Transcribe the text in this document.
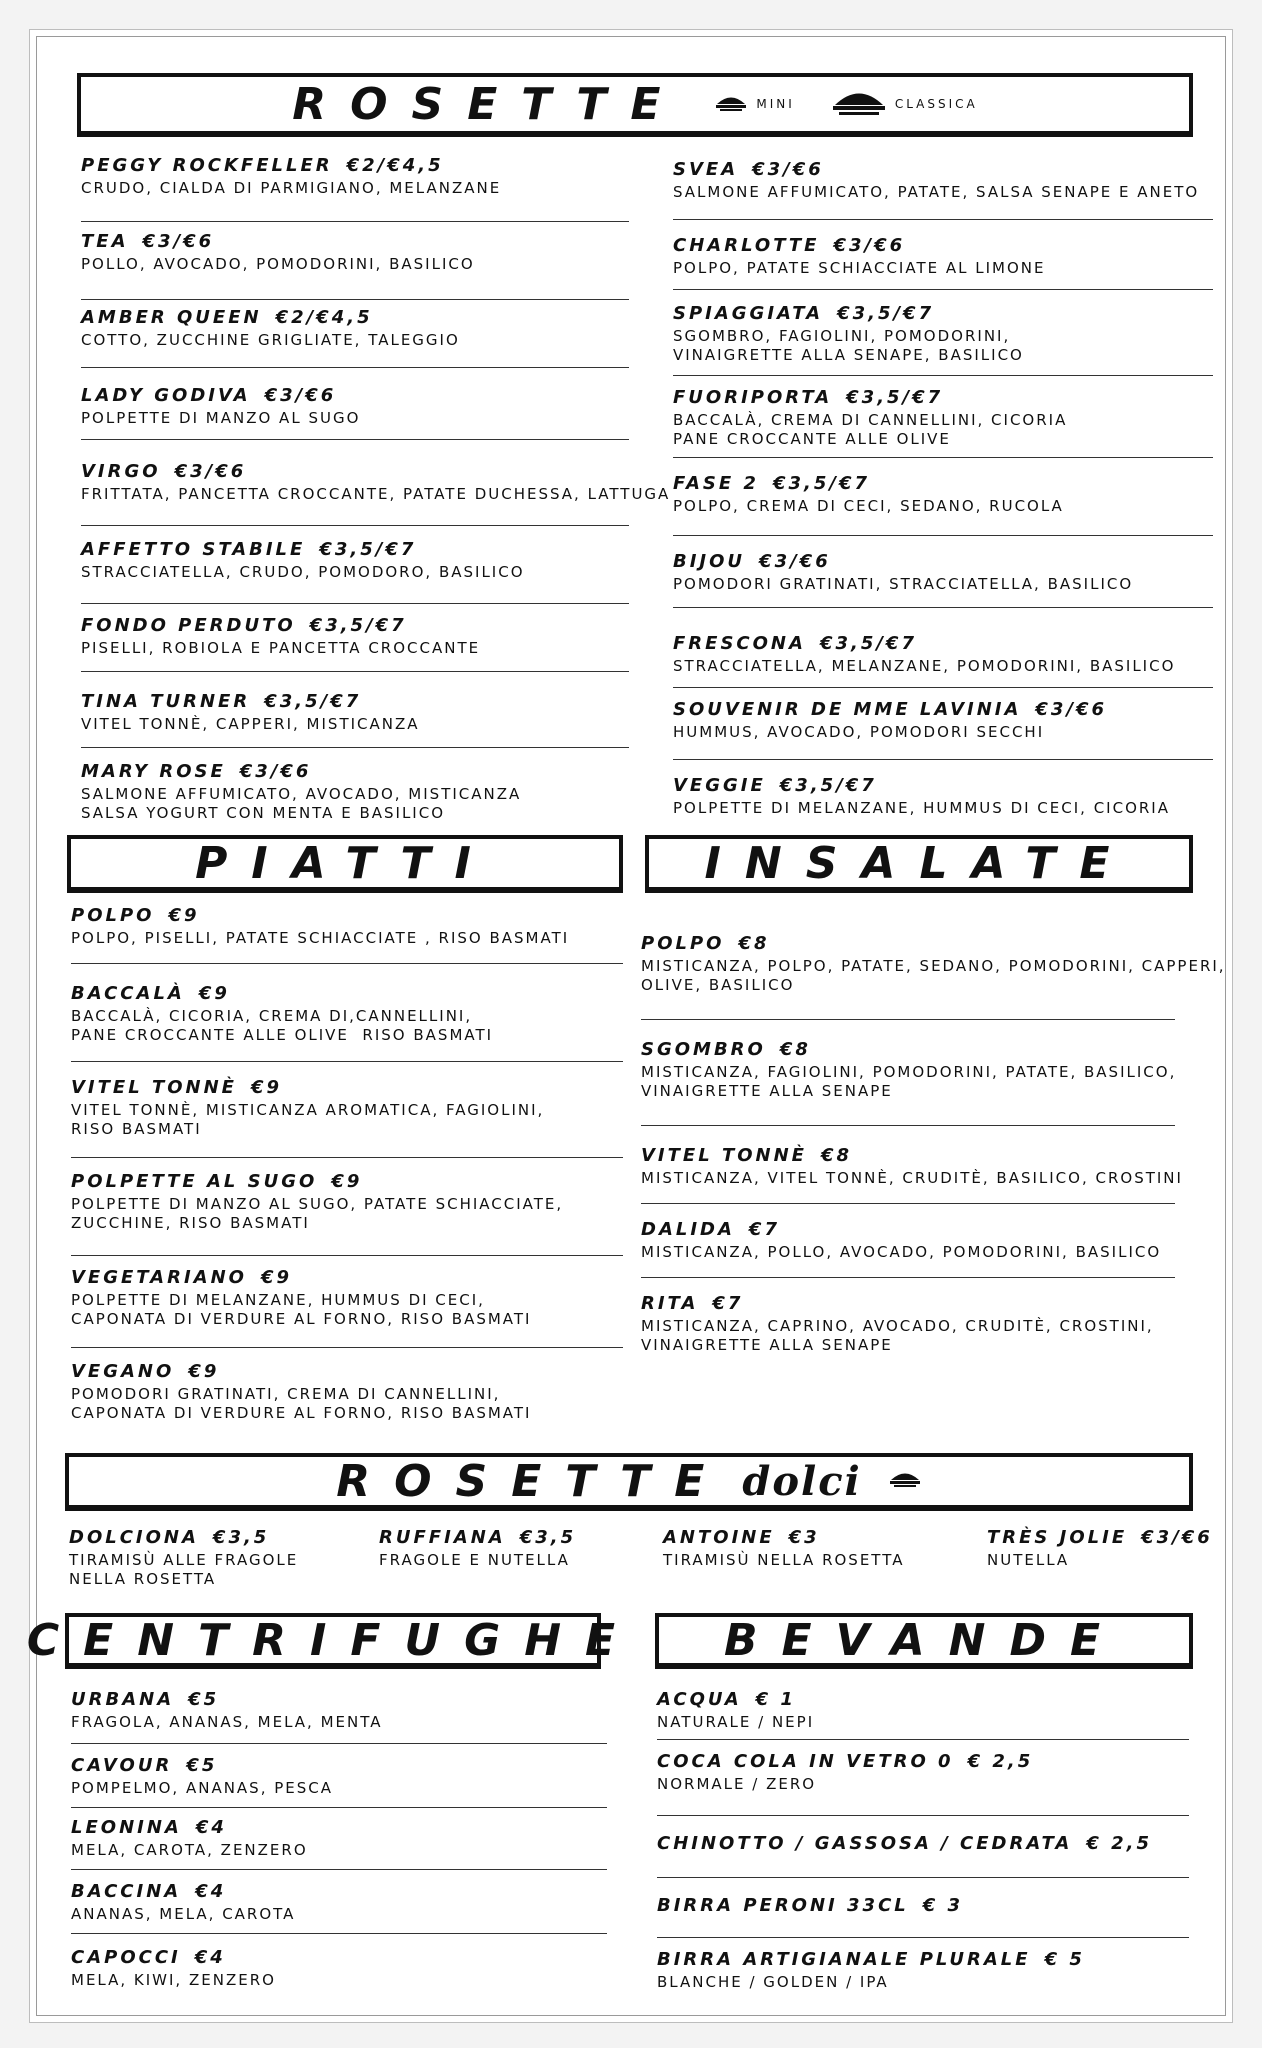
ROSETTE	MINI	CLASSICA
PEGGY ROCKFELLER €2/€4,5
CRUDO, CIALDA DI PARMIGIANO, MELANZANE
TEA €3/€6
POLLO, AVOCADO, POMODORINI, BASILICO
AMBER QUEEN €2/€4,5
COTTO, ZUCCHINE GRIGLIATE, TALEGGIO
LADY GODIVA €3/€6
POLPETTE DI MANZO AL SUGO
VIRGO €3/€6
FRITTATA, PANCETTA CROCCANTE, PATATE DUCHESSA, LATTUGA
AFFETTO STABILE €3,5/€7
STRACCIATELLA, CRUDO, POMODORO, BASILICO
FONDO PERDUTO €3,5/€7
PISELLI, ROBIOLA E PANCETTA CROCCANTE
TINA TURNER €3,5/€7
VITEL TONNÈ, CAPPERI, MISTICANZA
MARY ROSE €3/€6
SALMONE AFFUMICATO, AVOCADO, MISTICANZA
SALSA YOGURT CON MENTA E BASILICO
SVEA €3/€6
SALMONE AFFUMICATO, PATATE, SALSA SENAPE E ANETO
CHARLOTTE €3/€6
POLPO, PATATE SCHIACCIATE AL LIMONE
SPIAGGIATA €3,5/€7
SGOMBRO, FAGIOLINI, POMODORINI,
VINAIGRETTE ALLA SENAPE, BASILICO
FUORIPORTA €3,5/€7
BACCALÀ, CREMA DI CANNELLINI, CICORIA
PANE CROCCANTE ALLE OLIVE
FASE 2 €3,5/€7
POLPO, CREMA DI CECI, SEDANO, RUCOLA
BIJOU €3/€6
POMODORI GRATINATI, STRACCIATELLA, BASILICO
FRESCONA €3,5/€7
STRACCIATELLA, MELANZANE, POMODORINI, BASILICO
SOUVENIR DE MME LAVINIA €3/€6
HUMMUS, AVOCADO, POMODORI SECCHI
VEGGIE €3,5/€7
POLPETTE DI MELANZANE, HUMMUS DI CECI, CICORIA
PIATTI	INSALATE
POLPO €9
POLPO, PISELLI, PATATE SCHIACCIATE , RISO BASMATI
BACCALÀ €9
BACCALÀ, CICORIA, CREMA DI,CANNELLINI,
PANE CROCCANTE ALLE OLIVE  RISO BASMATI
VITEL TONNÈ €9
VITEL TONNÈ, MISTICANZA AROMATICA, FAGIOLINI,
RISO BASMATI
POLPETTE AL SUGO €9
POLPETTE DI MANZO AL SUGO, PATATE SCHIACCIATE,
ZUCCHINE, RISO BASMATI
VEGETARIANO €9
POLPETTE DI MELANZANE, HUMMUS DI CECI,
CAPONATA DI VERDURE AL FORNO, RISO BASMATI
VEGANO €9
POMODORI GRATINATI, CREMA DI CANNELLINI,
CAPONATA DI VERDURE AL FORNO, RISO BASMATI
POLPO €8
MISTICANZA, POLPO, PATATE, SEDANO, POMODORINI, CAPPERI,
OLIVE, BASILICO
SGOMBRO €8
MISTICANZA, FAGIOLINI, POMODORINI, PATATE, BASILICO,
VINAIGRETTE ALLA SENAPE
VITEL TONNÈ €8
MISTICANZA, VITEL TONNÈ, CRUDITÈ, BASILICO, CROSTINI
DALIDA €7
MISTICANZA, POLLO, AVOCADO, POMODORINI, BASILICO
RITA €7
MISTICANZA, CAPRINO, AVOCADO, CRUDITÈ, CROSTINI,
VINAIGRETTE ALLA SENAPE
ROSETTE dolci
DOLCIONA €3,5
TIRAMISÙ ALLE FRAGOLE
NELLA ROSETTA
RUFFIANA €3,5
FRAGOLE E NUTELLA
ANTOINE €3
TIRAMISÙ NELLA ROSETTA
TRÈS JOLIE €3/€6
NUTELLA
CENTRIFUGHE BEVANDE
URBANA €5
FRAGOLA, ANANAS, MELA, MENTA
CAVOUR €5
POMPELMO, ANANAS, PESCA
LEONINA €4
MELA, CAROTA, ZENZERO
BACCINA €4
ANANAS, MELA, CAROTA
CAPOCCI €4
MELA, KIWI, ZENZERO
ACQUA € 1
NATURALE / NEPI
COCA COLA IN VETRO 0 € 2,5
NORMALE / ZERO
CHINOTTO / GASSOSA / CEDRATA € 2,5
BIRRA PERONI 33CL € 3
BIRRA ARTIGIANALE PLURALE € 5
BLANCHE / GOLDEN / IPA
